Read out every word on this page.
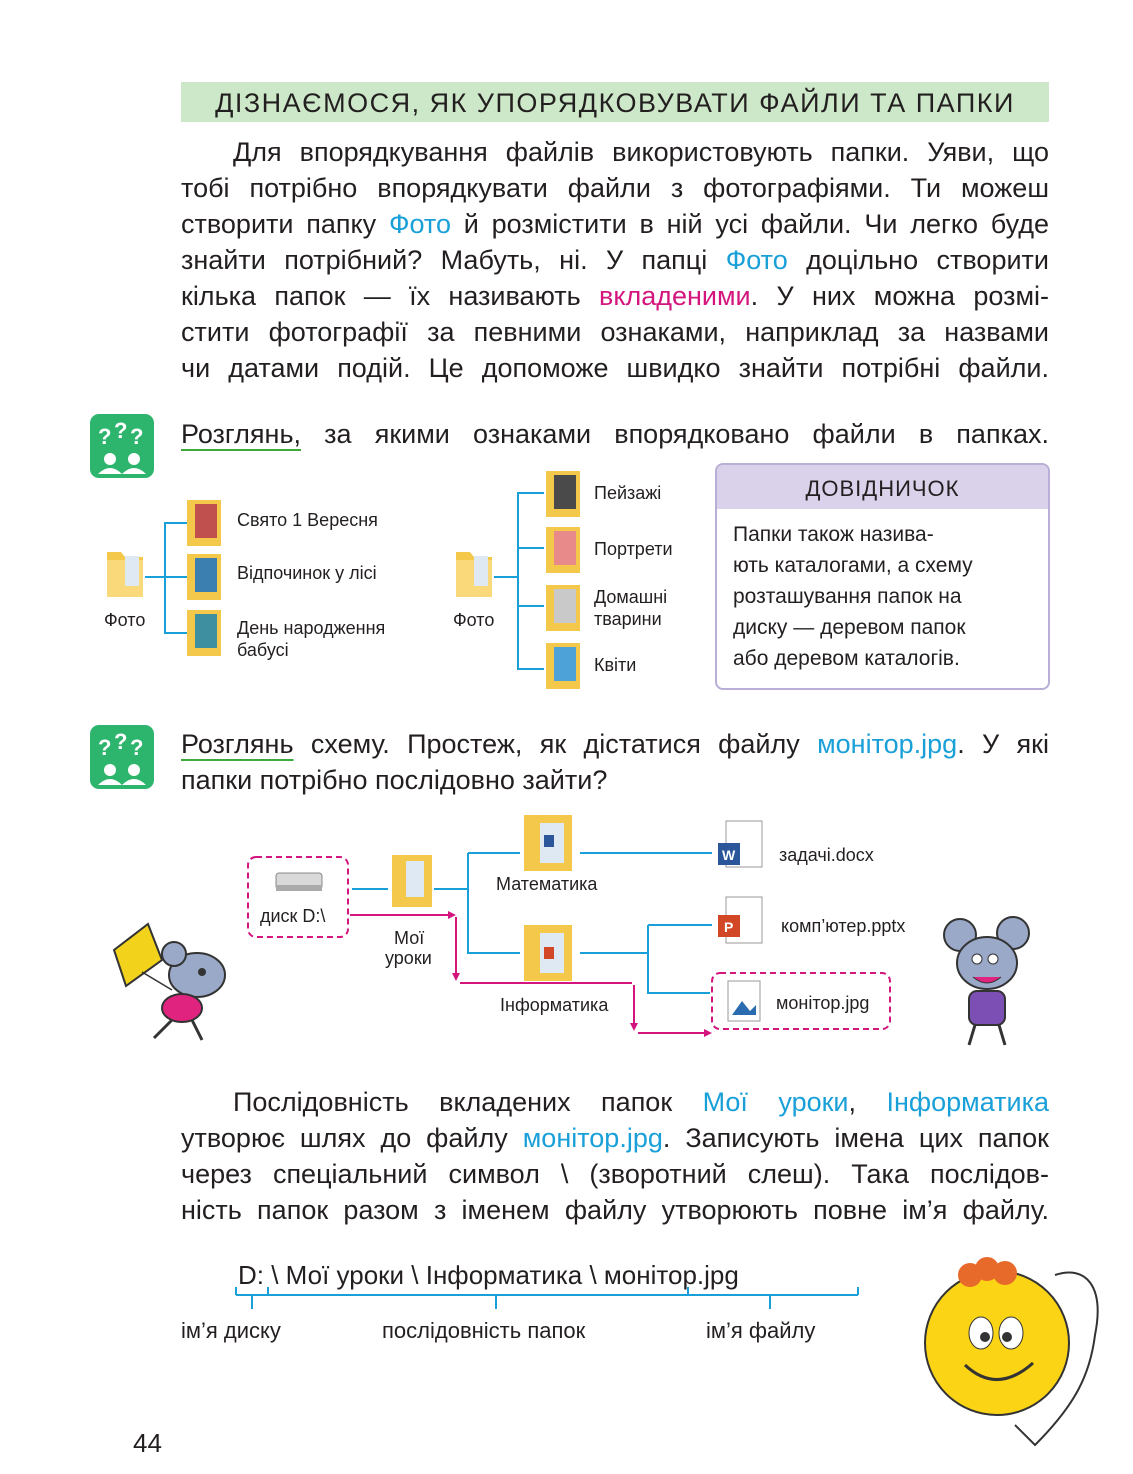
ДІЗНАЄМОСЯ, ЯК УПОРЯДКОВУВАТИ ФАЙЛИ ТА ПАПКИ
Для впорядкування файлів використовують папки. Уяви, що
тобі потрібно впорядкувати файли з фотографіями. Ти можеш
створити папку Фото й розмістити в ній усі файли. Чи легко буде
знайти потрібний? Мабуть, ні. У папці Фото доцільно створити
кілька папок — їх називають вкладеними. У них можна розмі-
стити фотографії за певними ознаками, наприклад за назвами
чи датами подій. Це допоможе швидко знайти потрібні файли.
? ? ? Розглянь, за якими ознаками впорядковано файли в папках.
Фото
Свято 1 Вересня
Відпочинок у лісі
День народження
бабусі
Фото
Пейзажі
Портрети
Домашні
тварини
Квіти
ДОВІДНИЧОК
Папки також назива-
ють каталогами, а схему
розташування папок на
диску — деревом папок
або деревом каталогів.
? ? ? Розглянь схему. Простеж, як дістатися файлу монітор.jpg. У які
папки потрібно послідовно зайти?
W
P
диск D:\
Мої
уроки
Математика
Інформатика
задачі.docx
комп’ютер.pptx
монітор.jpg
Послідовність вкладених папок Мої уроки, Інформатика
утворює шлях до файлу монітор.jpg. Записують імена цих папок
через спеціальний символ \ (зворотний слеш). Така послідов-
ність папок разом з іменем файлу утворюють повне ім’я файлу.
D: \ Мої уроки \ Інформатика \ монітор.jpg
ім’я диску	послідовність папок	ім’я файлу
44
